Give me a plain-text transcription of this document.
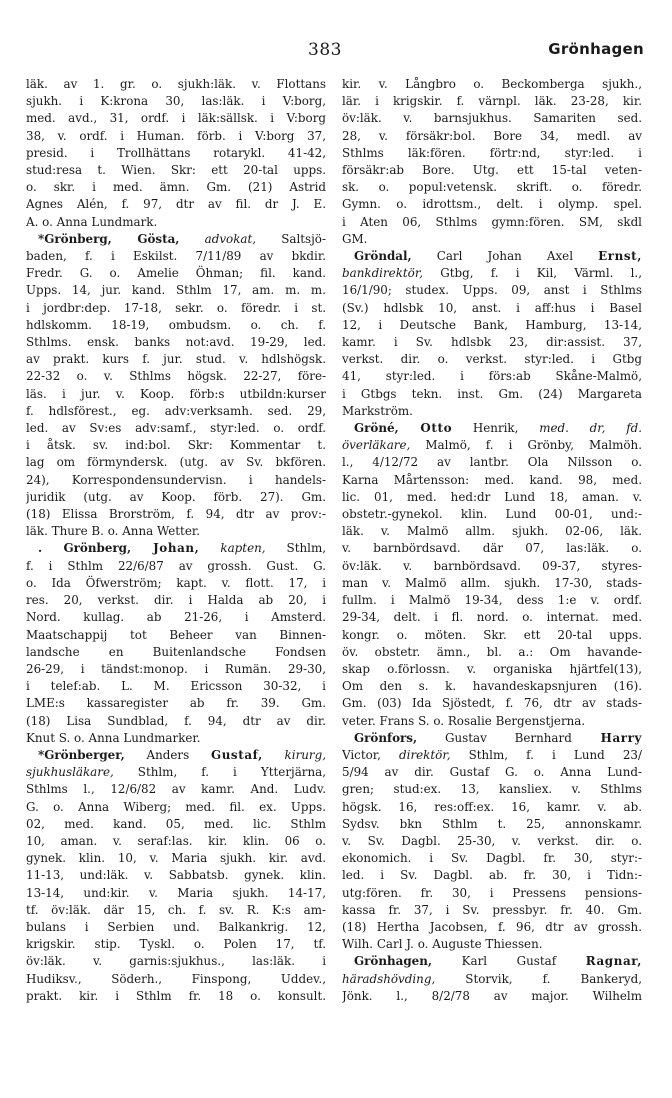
383	Grönhagen
läk. av 1. gr. o. sjukh:läk. v. Flottans
sjukh. i K:krona 30, las:läk. i V:borg,
med. avd., 31, ordf. i läk:sällsk. i V:borg
38, v. ordf. i Human. förb. i V:borg 37,
presid. i Trollhättans rotarykl. 41-42,
stud:resa t. Wien. Skr: ett 20-tal upps.
o. skr. i med. ämn. Gm. (21) Astrid
Agnes Alén, f. 97, dtr av fil. dr J. E.
A. o. Anna Lundmark.
*Grönberg, Gösta, advokat, Saltsjö-
baden, f. i Eskilst. 7/11/89 av bkdir.
Fredr. G. o. Amelie Öhman; fil. kand.
Upps. 14, jur. kand. Sthlm 17, am. m. m.
i jordbr:dep. 17-18, sekr. o. föredr. i st.
hdlskomm. 18-19, ombudsm. o. ch. f.
Sthlms. ensk. banks not:avd. 19-29, led.
av prakt. kurs f. jur. stud. v. hdlshögsk.
22-32 o. v. Sthlms högsk. 22-27, före-
läs. i jur. v. Koop. förb:s utbildn:kurser
f. hdlsförest., eg. adv:verksamh. sed. 29,
led. av Sv:es adv:samf., styr:led. o. ordf.
i åtsk. sv. ind:bol. Skr: Kommentar t.
lag om förmyndersk. (utg. av Sv. bkfören.
24), Korrespondensundervisn. i handels-
juridik (utg. av Koop. förb. 27). Gm.
(18) Elissa Brorström, f. 94, dtr av prov:-
läk. Thure B. o. Anna Wetter.
. Grönberg, Johan, kapten, Sthlm,
f. i Sthlm 22/6/87 av grossh. Gust. G.
o. Ida Öfwerström; kapt. v. flott. 17, i
res. 20, verkst. dir. i Halda ab 20, i
Nord. kullag. ab 21-26, i Amsterd.
Maatschappij tot Beheer van Binnen-
landsche en Buitenlandsche Fondsen
26-29, i tändst:monop. i Rumän. 29-30,
i telef:ab. L. M. Ericsson 30-32, i
LME:s kassaregister ab fr. 39. Gm.
(18) Lisa Sundblad, f. 94, dtr av dir.
Knut S. o. Anna Lundmarker.
*Grönberger, Anders Gustaf, kirurg,
sjukhusläkare, Sthlm, f. i Ytterjärna,
Sthlms l., 12/6/82 av kamr. And. Ludv.
G. o. Anna Wiberg; med. fil. ex. Upps.
02, med. kand. 05, med. lic. Sthlm
10, aman. v. seraf:las. kir. klin. 06 o.
gynek. klin. 10, v. Maria sjukh. kir. avd.
11-13, und:läk. v. Sabbatsb. gynek. klin.
13-14, und:kir. v. Maria sjukh. 14-17,
tf. öv:läk. där 15, ch. f. sv. R. K:s am-
bulans i Serbien und. Balkankrig. 12,
krigskir. stip. Tyskl. o. Polen 17, tf.
öv:läk. v. garnis:sjukhus., las:läk. i
Hudiksv., Söderh., Finspong, Uddev.,
prakt. kir. i Sthlm fr. 18 o. konsult.
kir. v. Långbro o. Beckomberga sjukh.,
lär. i krigskir. f. värnpl. läk. 23-28, kir.
öv:läk. v. barnsjukhus. Samariten sed.
28, v. försäkr:bol. Bore 34, medl. av
Sthlms läk:fören. förtr:nd, styr:led. i
försäkr:ab Bore. Utg. ett 15-tal veten-
sk. o. popul:vetensk. skrift. o. föredr.
Gymn. o. idrottsm., delt. i olymp. spel.
i Aten 06, Sthlms gymn:fören. SM, skdl
GM.
Gröndal, Carl Johan Axel Ernst,
bankdirektör, Gtbg, f. i Kil, Värml. l.,
16/1/90; studex. Upps. 09, anst i Sthlms
(Sv.) hdlsbk 10, anst. i aff:hus i Basel
12, i Deutsche Bank, Hamburg, 13-14,
kamr. i Sv. hdlsbk 23, dir:assist. 37,
verkst. dir. o. verkst. styr:led. i Gtbg
41, styr:led. i förs:ab Skåne-Malmö,
i Gtbgs tekn. inst. Gm. (24) Margareta
Markström.
Gröné, Otto Henrik, med. dr, fd.
överläkare, Malmö, f. i Grönby, Malmöh.
l., 4/12/72 av lantbr. Ola Nilsson o.
Karna Mårtensson: med. kand. 98, med.
lic. 01, med. hed:dr Lund 18, aman. v.
obstetr.-gynekol. klin. Lund 00-01, und:-
läk. v. Malmö allm. sjukh. 02-06, läk.
v. barnbördsavd. där 07, las:läk. o.
öv:läk. v. barnbördsavd. 09-37, styres-
man v. Malmö allm. sjukh. 17-30, stads-
fullm. i Malmö 19-34, dess 1:e v. ordf.
29-34, delt. i fl. nord. o. internat. med.
kongr. o. möten. Skr. ett 20-tal upps.
öv. obstetr. ämn., bl. a.: Om havande-
skap o.förlossn. v. organiska hjärtfel(13),
Om den s. k. havandeskapsnjuren (16).
Gm. (03) Ida Sjöstedt, f. 76, dtr av stads-
veter. Frans S. o. Rosalie Bergenstjerna.
Grönfors, Gustav Bernhard Harry
Victor, direktör, Sthlm, f. i Lund 23/
5/94 av dir. Gustaf G. o. Anna Lund-
gren; stud:ex. 13, kansliex. v. Sthlms
högsk. 16, res:off:ex. 16, kamr. v. ab.
Sydsv. bkn Sthlm t. 25, annonskamr.
v. Sv. Dagbl. 25-30, v. verkst. dir. o.
ekonomich. i Sv. Dagbl. fr. 30, styr:-
led. i Sv. Dagbl. ab. fr. 30, i Tidn:-
utg:fören. fr. 30, i Pressens pensions-
kassa fr. 37, i Sv. pressbyr. fr. 40. Gm.
(18) Hertha Jacobsen, f. 96, dtr av grossh.
Wilh. Carl J. o. Auguste Thiessen.
Grönhagen, Karl Gustaf Ragnar,
häradshövding, Storvik, f. Bankeryd,
Jönk. l., 8/2/78 av major. Wilhelm
